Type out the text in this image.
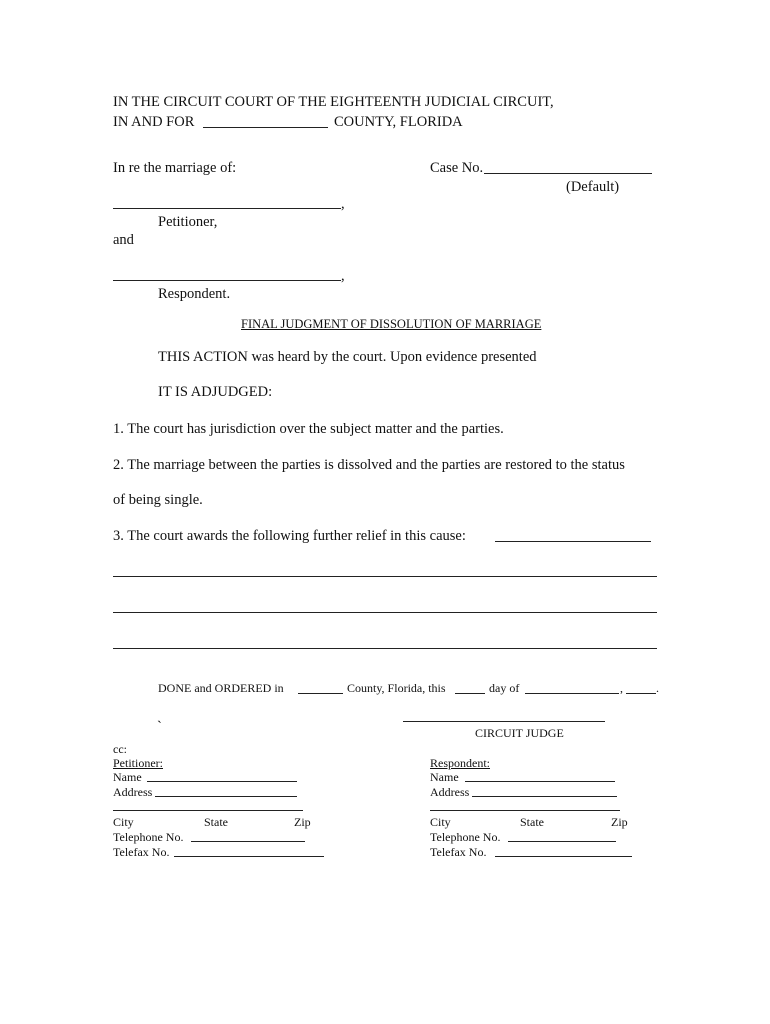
IN THE CIRCUIT COURT OF THE EIGHTEENTH JUDICIAL CIRCUIT,
IN AND FOR	COUNTY, FLORIDA
In re the marriage of:	Case No.
(Default)
,
Petitioner,
and
,
Respondent.
FINAL JUDGMENT OF DISSOLUTION OF MARRIAGE
THIS ACTION was heard by the court. Upon evidence presented
IT IS ADJUDGED:
1. The court has jurisdiction over the subject matter and the parties.
2. The marriage between the parties is dissolved and the parties are restored to the status
of being single.
3. The court awards the following further relief in this cause:
DONE and ORDERED in	County, Florida, this	day of	,	.
`	CIRCUIT JUDGE
cc:
Petitioner:
Name
Address
City	State	Zip
Telephone No.
Telefax No.
Respondent:
Name
Address
City	State	Zip
Telephone No.
Telefax No.
